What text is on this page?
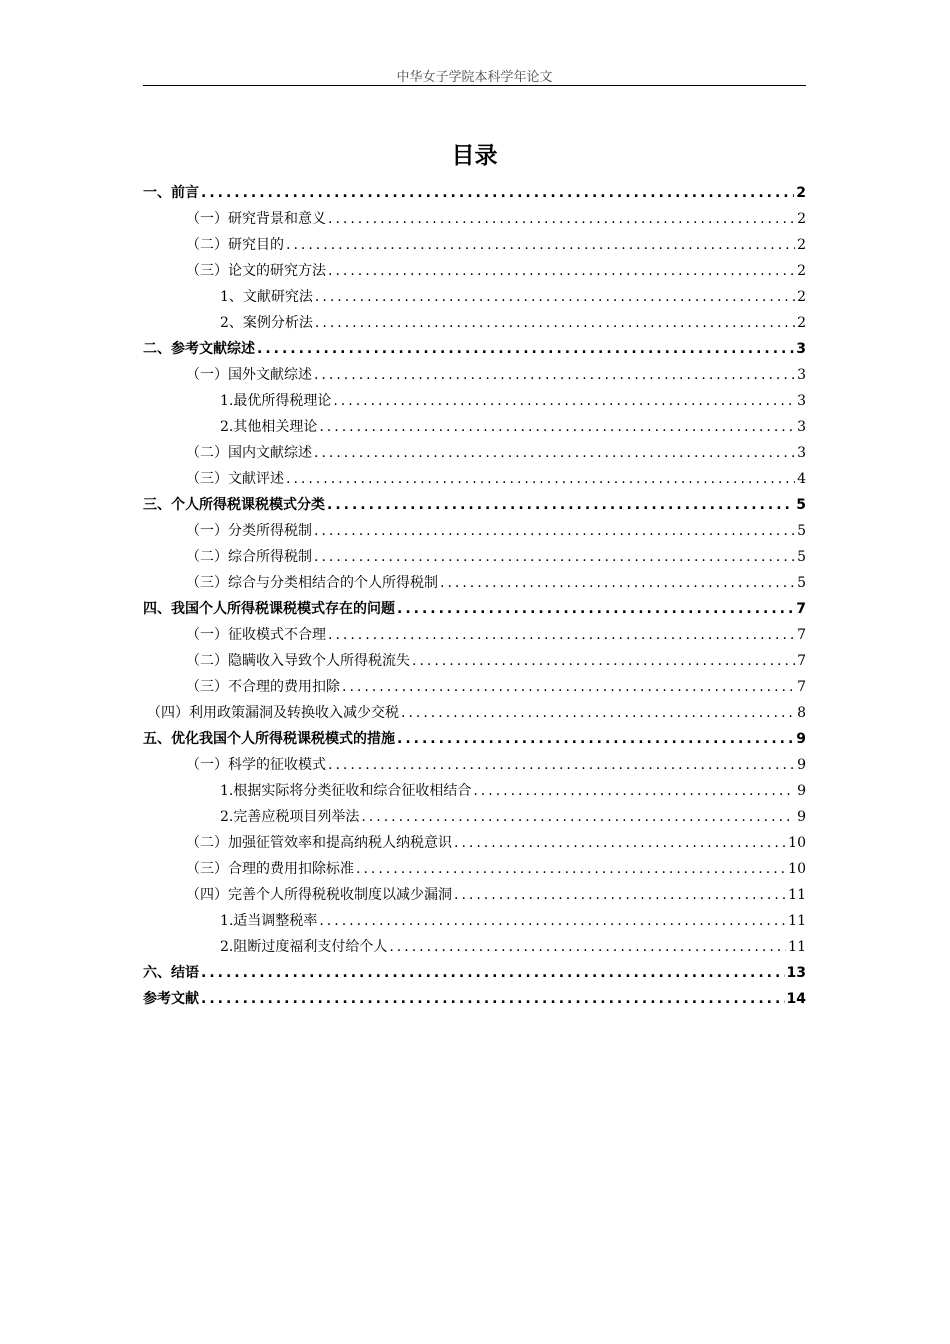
中华女子学院本科学年论文
目录
一、前言 .....	2
（一）研究背景和意义 .....	2
（二）研究目的 .....	2
（三）论文的研究方法 .....	2
1、文献研究法 .....	2
2、案例分析法 .....	2
二、参考文献综述 .....	3
（一）国外文献综述 .....	3
1.最优所得税理论 .....	3
2.其他相关理论 .....	3
（二）国内文献综述 .....	3
（三）文献评述 .....	4
三、个人所得税课税模式分类 .....	5
（一）分类所得税制 .....	5
（二）综合所得税制 .....	5
（三）综合与分类相结合的个人所得税制 .....	5
四、我国个人所得税课税模式存在的问题 .....	7
（一）征收模式不合理 .....	7
（二）隐瞒收入导致个人所得税流失 .....	7
（三）不合理的费用扣除 .....	7
（四）利用政策漏洞及转换收入减少交税 .....	8
五、优化我国个人所得税课税模式的措施 .....	9
（一）科学的征收模式 .....	9
1.根据实际将分类征收和综合征收相结合 .....	9
2.完善应税项目列举法 .....	9
（二）加强征管效率和提高纳税人纳税意识 .....	10
（三）合理的费用扣除标准 .....	10
（四）完善个人所得税税收制度以减少漏洞 .....	11
1.适当调整税率 .....	11
2.阻断过度福利支付给个人 .....	11
六、结语 .....	13
参考文献 .....	14
